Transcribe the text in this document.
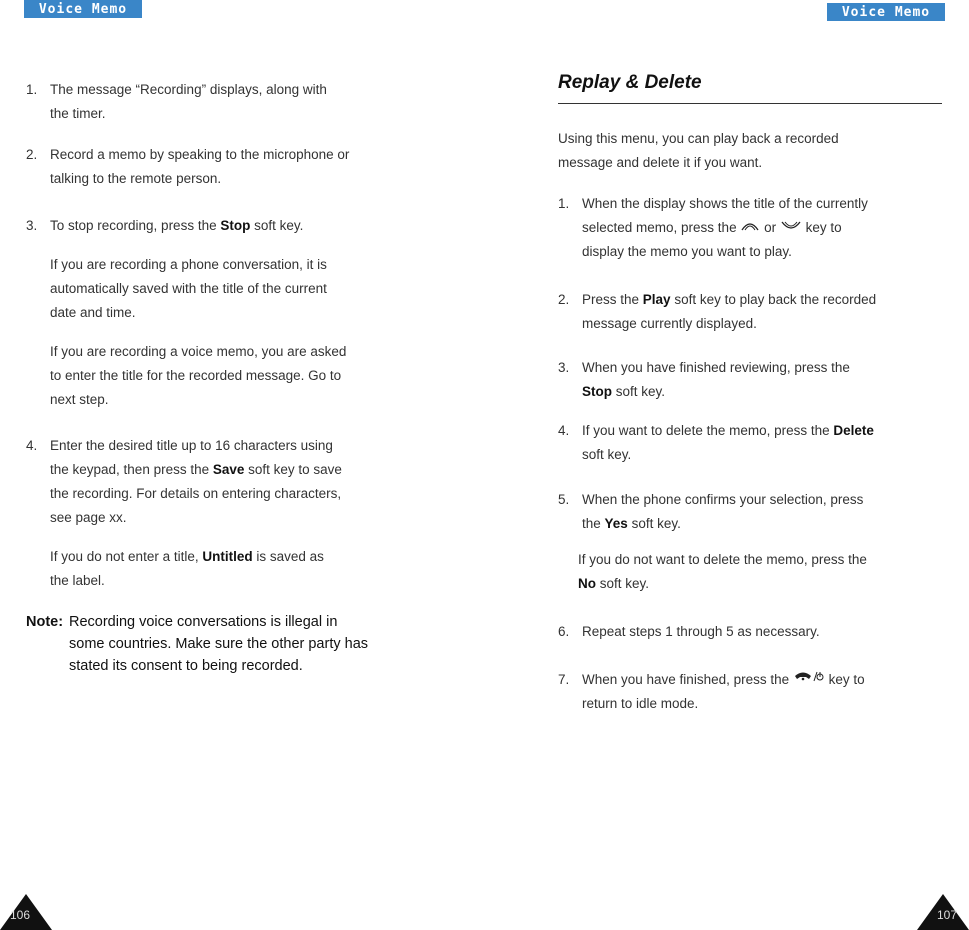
Voice Memo	Voice Memo
1. The message “Recording” displays, along with
the timer.
2. Record a memo by speaking to the microphone or
talking to the remote person.
3. To stop recording, press the Stop soft key.
If you are recording a phone conversation, it is
automatically saved with the title of the current
date and time.
If you are recording a voice memo, you are asked
to enter the title for the recorded message. Go to
next step.
4. Enter the desired title up to 16 characters using
the keypad, then press the Save soft key to save
the recording. For details on entering characters,
see page xx.
If you do not enter a title, Untitled is saved as
the label.
Note: Recording voice conversations is illegal in
some countries. Make sure the other party has
stated its consent to being recorded.
Replay & Delete
Using this menu, you can play back a recorded
message and delete it if you want.
1. When the display shows the title of the currently
selected memo, press the  or  key to
display the memo you want to play.
2. Press the Play soft key to play back the recorded
message currently displayed.
3. When you have finished reviewing, press the
Stop soft key.
4. If you want to delete the memo, press the Delete
soft key.
5. When the phone confirms your selection, press
the Yes soft key.
If you do not want to delete the memo, press the
No soft key.
6. Repeat steps 1 through 5 as necessary.
7. When you have finished, press the  key to
return to idle mode.
106	107
